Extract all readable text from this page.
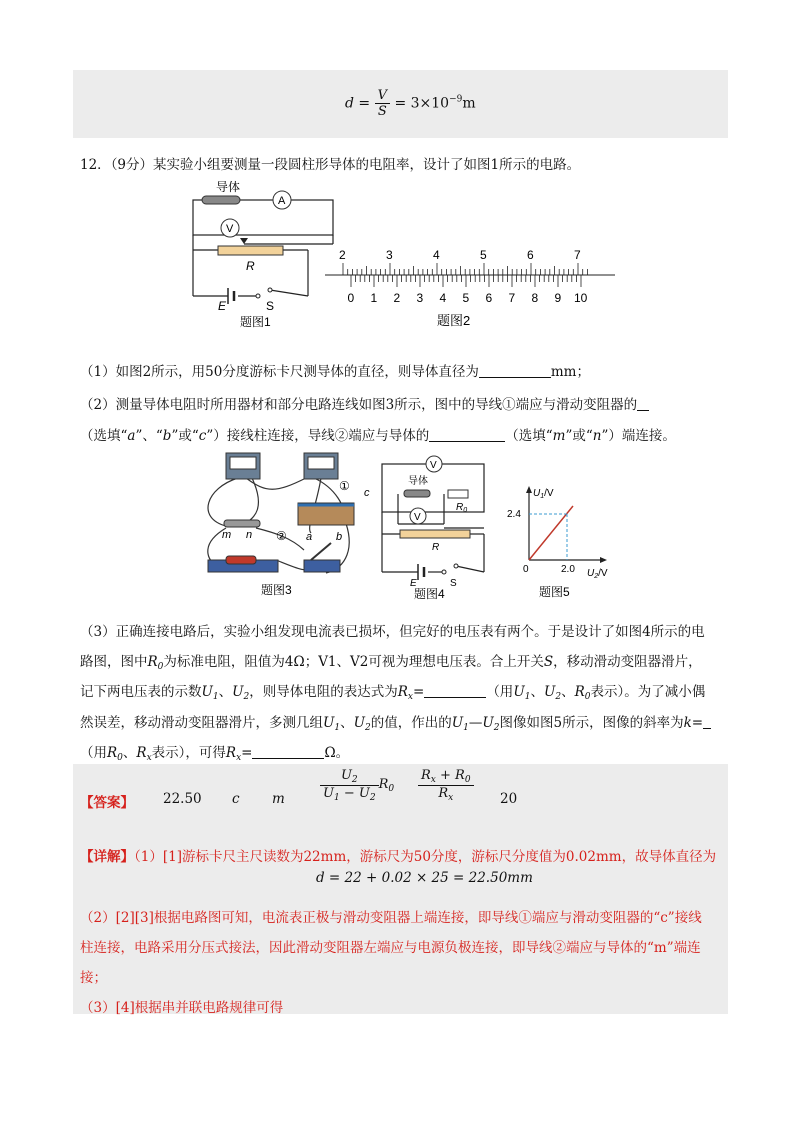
$d = \frac{V}{S} = 3\times 10^{-9}m$
12．（9分）某实验小组要测量一段圆柱形导体的电阻率，设计了如图1所示的电路。
导体
A
V
R
E	S
题图1
2	3	4	5	6	7
0 1 2 3 4 5 6 7 8 9 10
题图2
（1）如图2所示，用50分度游标卡尺测导体的直径，则导体直径为	mm；
（2）测量导体电阻时所用器材和部分电路连线如图3所示，图中的导线①端应与滑动变阻器的
（选填“a”、“b”或“c”）接线柱连接，导线②端应与导体的	（选填“m”或“n”）端连接。
m n	a b
c
①
②
题图3
V
导体
$R_0$
V
R
E	S
题图4
$U_1/V$
2.4
2.0
0	$U_2/V$
题图5
（3）正确连接电路后，实验小组发现电流表已损坏，但完好的电压表有两个。于是设计了如图4所示的电
路图，图中$R_0$为标准电阻，阻值为4Ω；V1、V2可视为理想电压表。合上开关S，移动滑动变阻器滑片，
记下两电压表的示数$U_1$、$U_2$，则导体电阻的表达式为$R_x=$	（用$U_1$、$U_2$、$R_0$表示）。为了减小偶
然误差，移动滑动变阻器滑片，多测几组$U_1$、$U_2$的值，作出的$U_1—U_2$图像如图5所示，图像的斜率为k=
（用$R_0$、$R_x$表示），可得$R_x=$	Ω。
【答案】 22.50 c m	$\frac{U_2}{U_1 - U_2} R_0 \frac{R_x + R_0}{R_x} 20$
【详解】（1）[1]游标卡尺主尺读数为22mm，游标尺为50分度，游标尺分度值为0.02mm，故导体直径为
d = 22 + 0.02 × 25 = 22.50mm
（2）[2][3]根据电路图可知，电流表正极与滑动变阻器上端连接，即导线①端应与滑动变阻器的“c”接线
柱连接，电路采用分压式接法，因此滑动变阻器左端应与电源负极连接，即导线②端应与导体的“m”端连
接；
（3）[4]根据串并联电路规律可得
